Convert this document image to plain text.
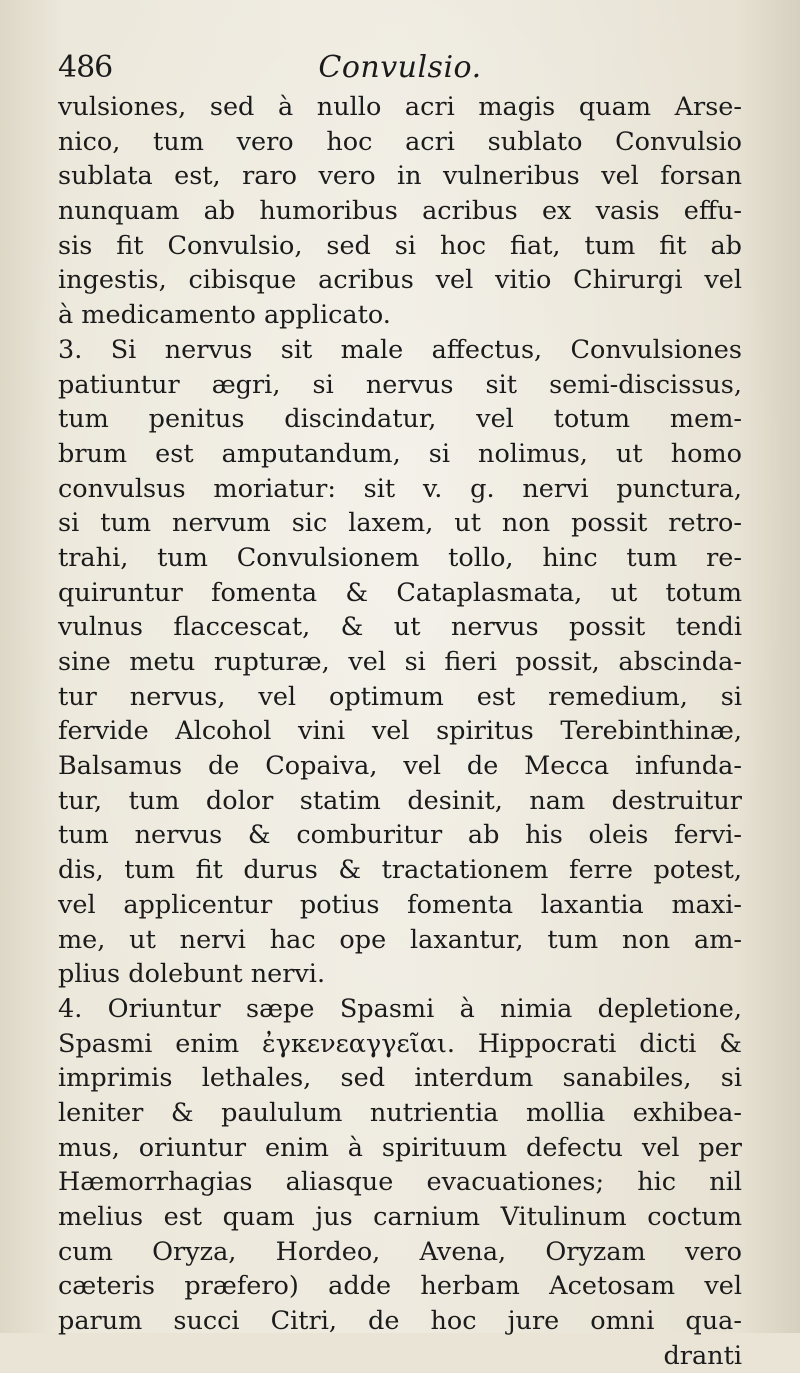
486	Convulsio.
vulsiones, sed à nullo acri magis quam Arse-
nico, tum vero hoc acri sublato Convulsio
sublata est, raro vero in vulneribus vel forsan
nunquam ab humoribus acribus ex vasis effu-
sis fit Convulsio, sed si hoc fiat, tum fit ab
ingestis, cibisque acribus vel vitio Chirurgi vel
à medicamento applicato.
3. Si nervus sit male affectus, Convulsiones
patiuntur ægri, si nervus sit semi-discissus,
tum penitus discindatur, vel totum mem-
brum est amputandum, si nolimus, ut homo
convulsus moriatur: sit v. g. nervi punctura,
si tum nervum sic laxem, ut non possit retro-
trahi, tum Convulsionem tollo, hinc tum re-
quiruntur fomenta & Cataplasmata, ut totum
vulnus flaccescat, & ut nervus possit tendi
sine metu rupturæ, vel si fieri possit, abscinda-
tur nervus, vel optimum est remedium, si
fervide Alcohol vini vel spiritus Terebinthinæ,
Balsamus de Copaiva, vel de Mecca infunda-
tur, tum dolor statim desinit, nam destruitur
tum nervus & comburitur ab his oleis fervi-
dis, tum fit durus & tractationem ferre potest,
vel applicentur potius fomenta laxantia maxi-
me, ut nervi hac ope laxantur, tum non am-
plius dolebunt nervi.
4. Oriuntur sæpe Spasmi à nimia depletione,
Spasmi enim ἐγκενεαγγεῖαι. Hippocrati dicti &
imprimis lethales, sed interdum sanabiles, si
leniter & paululum nutrientia mollia exhibea-
mus, oriuntur enim à spirituum defectu vel per
Hæmorrhagias aliasque evacuationes; hic nil
melius est quam jus carnium Vitulinum coctum
cum Oryza, Hordeo, Avena, Oryzam vero
cæteris præfero) adde herbam Acetosam vel
parum succi Citri, de hoc jure omni qua-
dranti
